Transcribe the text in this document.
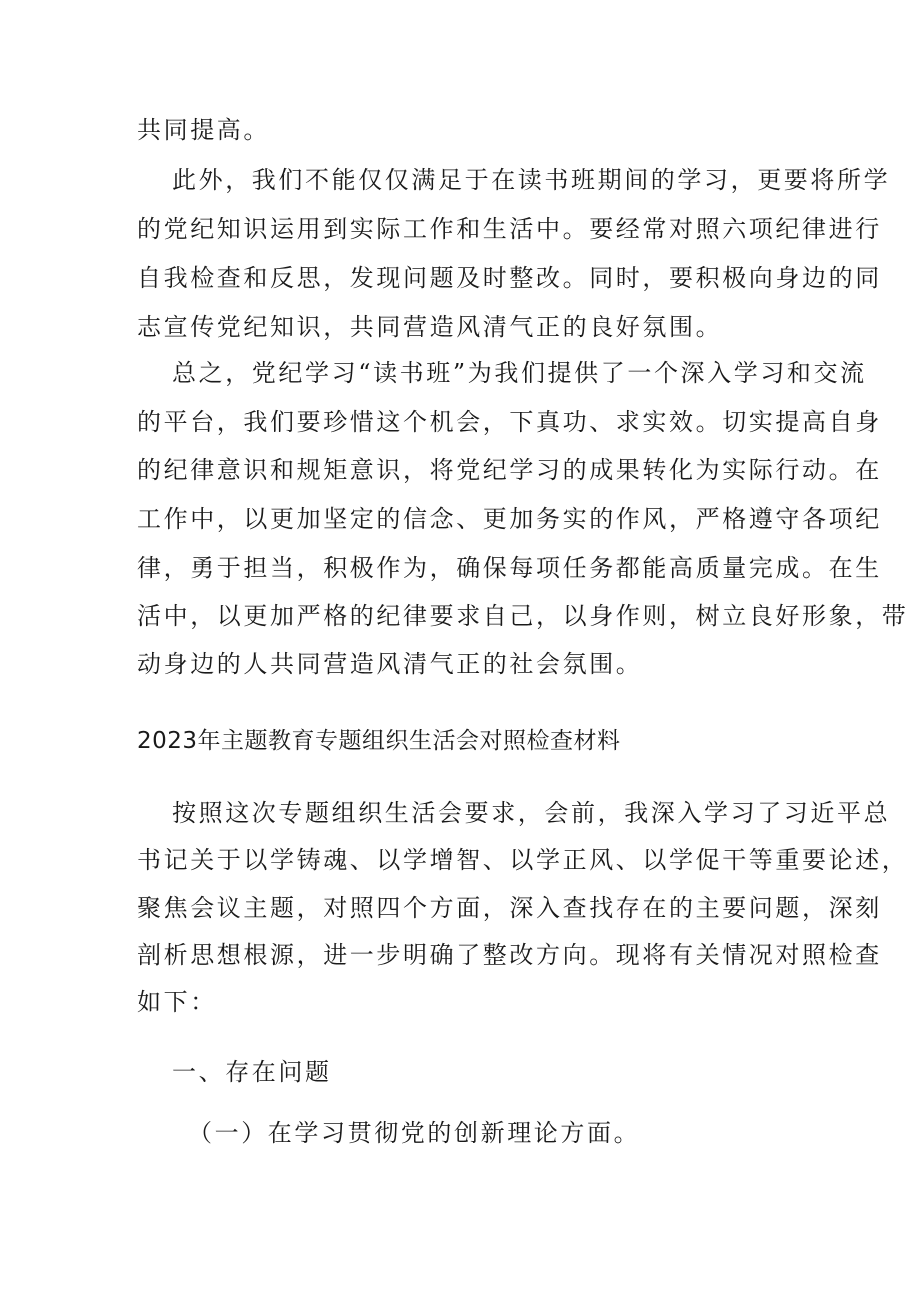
共同提高。
此外，我们不能仅仅满足于在读书班期间的学习，更要将所学
的党纪知识运用到实际工作和生活中。要经常对照六项纪律进行
自我检查和反思，发现问题及时整改。同时，要积极向身边的同
志宣传党纪知识，共同营造风清气正的良好氛围。
总之，党纪学习“读书班”为我们提供了一个深入学习和交流
的平台，我们要珍惜这个机会，下真功、求实效。切实提高自身
的纪律意识和规矩意识，将党纪学习的成果转化为实际行动。在
工作中，以更加坚定的信念、更加务实的作风，严格遵守各项纪
律，勇于担当，积极作为，确保每项任务都能高质量完成。在生
活中，以更加严格的纪律要求自己，以身作则，树立良好形象，带
动身边的人共同营造风清气正的社会氛围。
2023年主题教育专题组织生活会对照检查材料
按照这次专题组织生活会要求，会前，我深入学习了习近平总
书记关于以学铸魂、以学增智、以学正风、以学促干等重要论述，
聚焦会议主题，对照四个方面，深入查找存在的主要问题，深刻
剖析思想根源，进一步明确了整改方向。现将有关情况对照检查
如下：
一、存在问题
（一）在学习贯彻党的创新理论方面。
